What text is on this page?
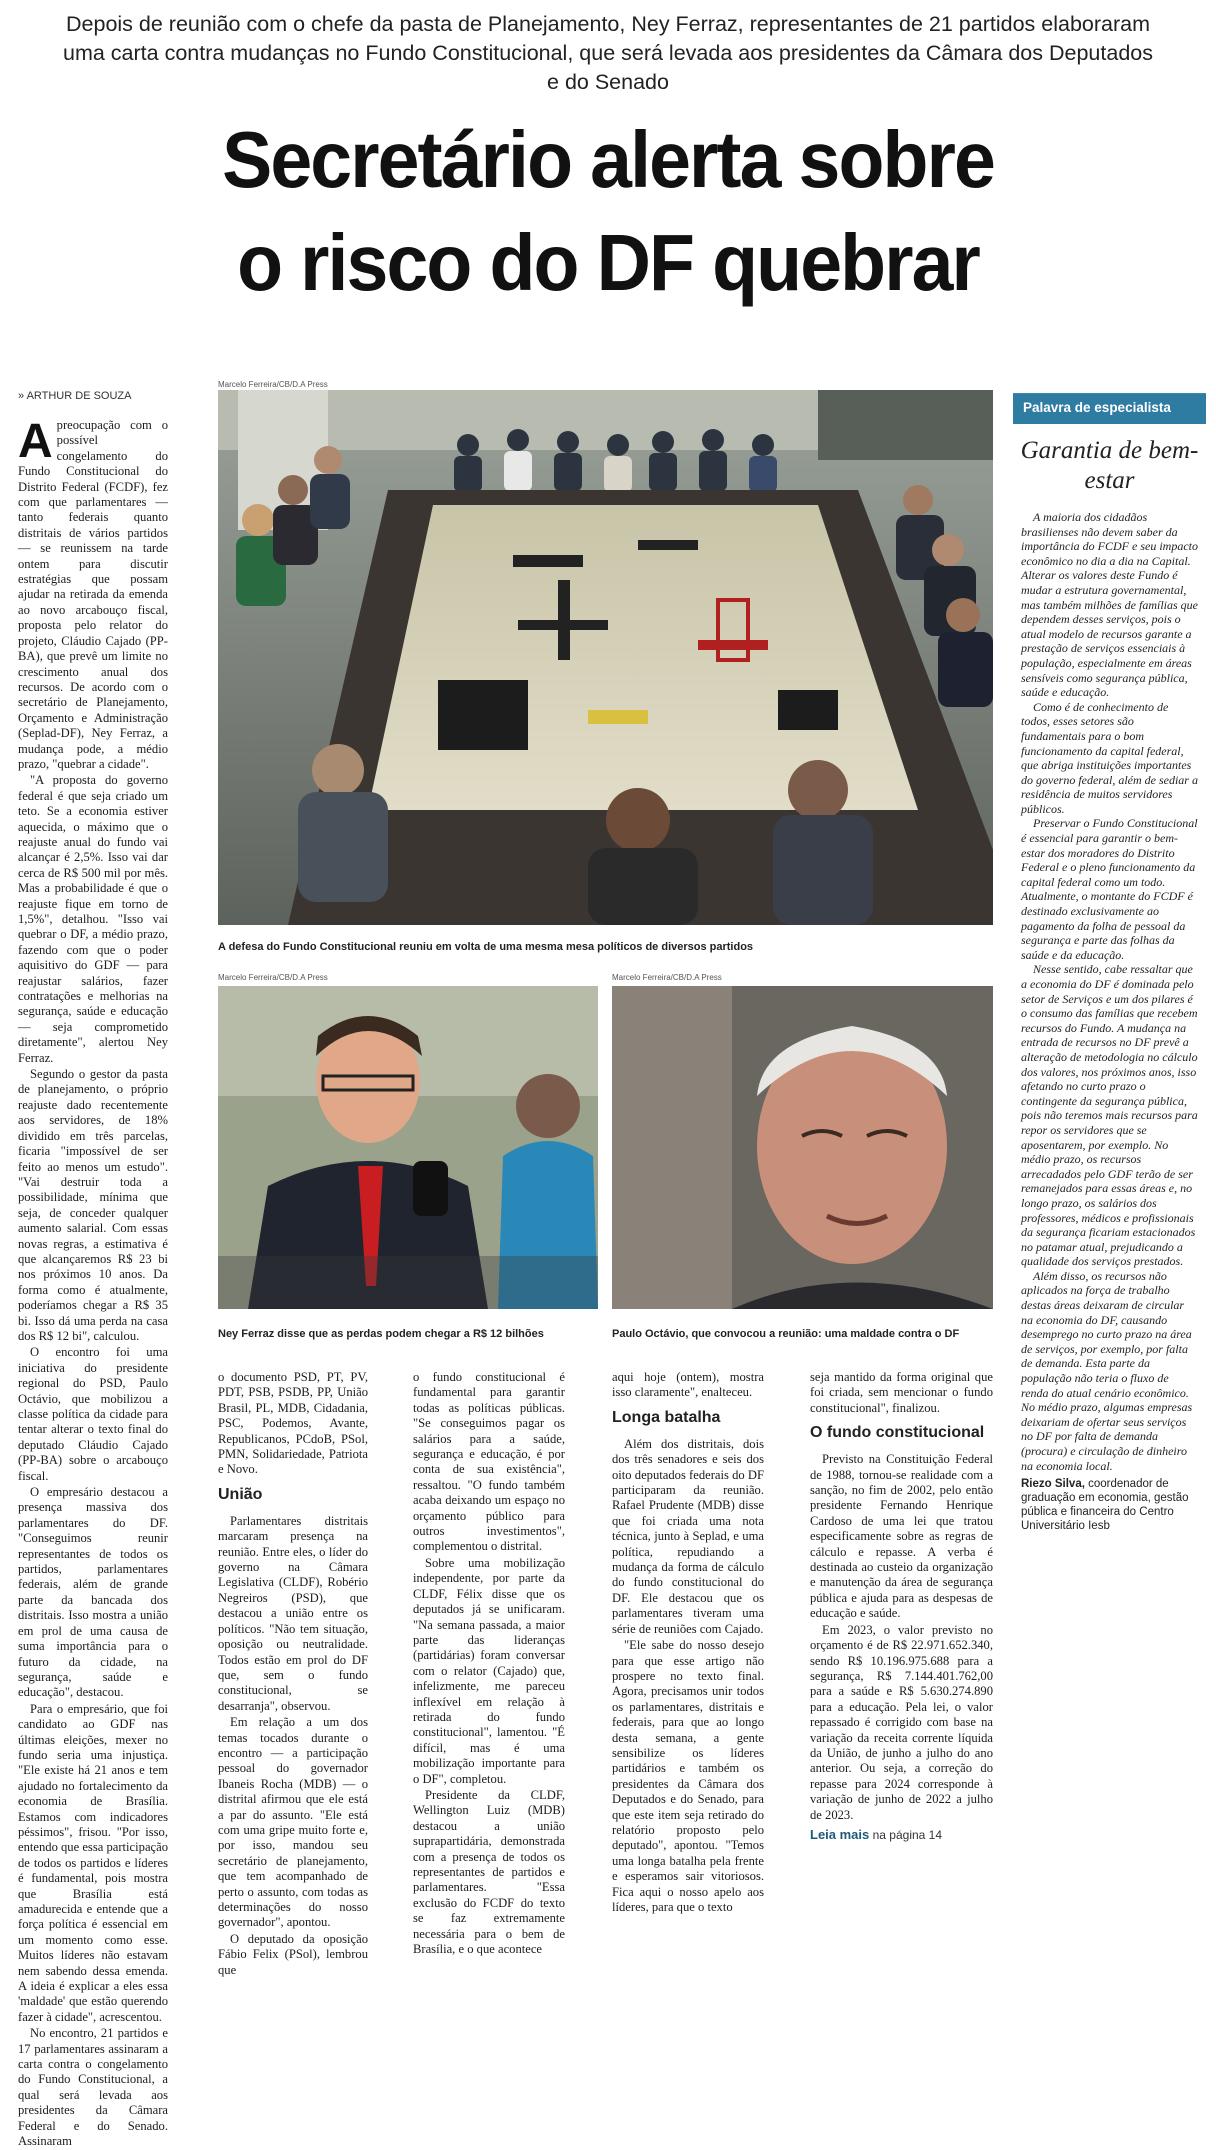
Depois de reunião com o chefe da pasta de Planejamento, Ney Ferraz, representantes de 21 partidos elaboraram uma carta contra mudanças no Fundo Constitucional, que será levada aos presidentes da Câmara dos Deputados e do Senado
Secretário alerta sobre
o risco do DF quebrar
» ARTHUR DE SOUZA

Apreocupação com o possível congelamento do Fundo Constitucional do Distrito Federal (FCDF), fez com que parlamentares — tanto federais quanto distritais de vários partidos — se reunissem na tarde ontem para discutir estratégias que possam ajudar na retirada da emenda ao novo arcabouço fiscal, proposta pelo relator do projeto, Cláudio Cajado (PP-BA), que prevê um limite no crescimento anual dos recursos. De acordo com o secretário de Planejamento, Orçamento e Administração (Seplad-DF), Ney Ferraz, a mudança pode, a médio prazo, "quebrar a cidade".

"A proposta do governo federal é que seja criado um teto. Se a economia estiver aquecida, o máximo que o reajuste anual do fundo vai alcançar é 2,5%. Isso vai dar cerca de R$ 500 mil por mês. Mas a probabilidade é que o reajuste fique em torno de 1,5%", detalhou. "Isso vai quebrar o DF, a médio prazo, fazendo com que o poder aquisitivo do GDF — para reajustar salários, fazer contratações e melhorias na segurança, saúde e educação — seja comprometido diretamente", alertou Ney Ferraz.

Segundo o gestor da pasta de planejamento, o próprio reajuste dado recentemente aos servidores, de 18% dividido em três parcelas, ficaria "impossível de ser feito ao menos um estudo". "Vai destruir toda a possibilidade, mínima que seja, de conceder qualquer aumento salarial. Com essas novas regras, a estimativa é que alcançaremos R$ 23 bi nos próximos 10 anos. Da forma como é atualmente, poderíamos chegar a R$ 35 bi. Isso dá uma perda na casa dos R$ 12 bi", calculou.

O encontro foi uma iniciativa do presidente regional do PSD, Paulo Octávio, que mobilizou a classe política da cidade para tentar alterar o texto final do deputado Cláudio Cajado (PP-BA) sobre o arcabouço fiscal.

O empresário destacou a presença massiva dos parlamentares do DF. "Conseguimos reunir representantes de todos os partidos, parlamentares federais, além de grande parte da bancada dos distritais. Isso mostra a união em prol de uma causa de suma importância para o futuro da cidade, na segurança, saúde e educação", destacou.

Para o empresário, que foi candidato ao GDF nas últimas eleições, mexer no fundo seria uma injustiça. "Ele existe há 21 anos e tem ajudado no fortalecimento da economia de Brasília. Estamos com indicadores péssimos", frisou. "Por isso, entendo que essa participação de todos os partidos e líderes é fundamental, pois mostra que Brasília está amadurecida e entende que a força política é essencial em um momento como esse. Muitos líderes não estavam nem sabendo dessa emenda. A ideia é explicar a eles essa 'maldade' que estão querendo fazer à cidade", acrescentou.

No encontro, 21 partidos e 17 parlamentares assinaram a carta contra o congelamento do Fundo Constitucional, a qual será levada aos presidentes da Câmara Federal e do Senado. Assinaram

Marcelo Ferreira/CB/D.A Press
A defesa do Fundo Constitucional reuniu em volta de uma mesma mesa políticos de diversos partidos
Marcelo Ferreira/CB/D.A Press
Ney Ferraz disse que as perdas podem chegar a R$ 12 bilhões
Marcelo Ferreira/CB/D.A Press
Paulo Octávio, que convocou a reunião: uma maldade contra o DF

o documento PSD, PT, PV, PDT, PSB, PSDB, PP, União Brasil, PL, MDB, Cidadania, PSC, Podemos, Avante, Republicanos, PCdoB, PSol, PMN, Solidariedade, Patriota e Novo.

União

Parlamentares distritais marcaram presença na reunião. Entre eles, o líder do governo na Câmara Legislativa (CLDF), Robério Negreiros (PSD), que destacou a união entre os políticos. "Não tem situação, oposição ou neutralidade. Todos estão em prol do DF que, sem o fundo constitucional, se desarranja", observou.

Em relação a um dos temas tocados durante o encontro — a participação pessoal do governador Ibaneis Rocha (MDB) — o distrital afirmou que ele está a par do assunto. "Ele está com uma gripe muito forte e, por isso, mandou seu secretário de planejamento, que tem acompanhado de perto o assunto, com todas as determinações do nosso governador", apontou.

O deputado da oposição Fábio Felix (PSol), lembrou que

o fundo constitucional é fundamental para garantir todas as políticas públicas. "Se conseguimos pagar os salários para a saúde, segurança e educação, é por conta de sua existência", ressaltou. "O fundo também acaba deixando um espaço no orçamento público para outros investimentos", complementou o distrital.

Sobre uma mobilização independente, por parte da CLDF, Félix disse que os deputados já se unificaram. "Na semana passada, a maior parte das lideranças (partidárias) foram conversar com o relator (Cajado) que, infelizmente, me pareceu inflexível em relação à retirada do fundo constitucional", lamentou. "É difícil, mas é uma mobilização importante para o DF", completou.

Presidente da CLDF, Wellington Luiz (MDB) destacou a união suprapartidária, demonstrada com a presença de todos os representantes de partidos e parlamentares. "Essa exclusão do FCDF do texto se faz extremamente necessária para o bem de Brasília, e o que acontece

aqui hoje (ontem), mostra isso claramente", enalteceu.

Longa batalha

Além dos distritais, dois dos três senadores e seis dos oito deputados federais do DF participaram da reunião. Rafael Prudente (MDB) disse que foi criada uma nota técnica, junto à Seplad, e uma política, repudiando a mudança da forma de cálculo do fundo constitucional do DF. Ele destacou que os parlamentares tiveram uma série de reuniões com Cajado.

"Ele sabe do nosso desejo para que esse artigo não prospere no texto final. Agora, precisamos unir todos os parlamentares, distritais e federais, para que ao longo desta semana, a gente sensibilize os líderes partidários e também os presidentes da Câmara dos Deputados e do Senado, para que este item seja retirado do relatório proposto pelo deputado", apontou. "Temos uma longa batalha pela frente e esperamos sair vitoriosos. Fica aqui o nosso apelo aos líderes, para que o texto

seja mantido da forma original que foi criada, sem mencionar o fundo constitucional", finalizou.

O fundo constitucional

Previsto na Constituição Federal de 1988, tornou-se realidade com a sanção, no fim de 2002, pelo então presidente Fernando Henrique Cardoso de uma lei que tratou especificamente sobre as regras de cálculo e repasse. A verba é destinada ao custeio da organização e manutenção da área de segurança pública e ajuda para as despesas de educação e saúde.

Em 2023, o valor previsto no orçamento é de R$ 22.971.652.340, sendo R$ 10.196.975.688 para a segurança, R$ 7.144.401.762,00 para a saúde e R$ 5.630.274.890 para a educação. Pela lei, o valor repassado é corrigido com base na variação da receita corrente líquida da União, de junho a julho do ano anterior. Ou seja, a correção do repasse para 2024 corresponde à variação de junho de 2022 a julho de 2023.

Leia mais na página 14
Palavra de especialista
Garantia de bem-estar

A maioria dos cidadãos brasilienses não devem saber da importância do FCDF e seu impacto econômico no dia a dia na Capital. Alterar os valores deste Fundo é mudar a estrutura governamental, mas também milhões de famílias que dependem desses serviços, pois o atual modelo de recursos garante a prestação de serviços essenciais à população, especialmente em áreas sensíveis como segurança pública, saúde e educação.

Como é de conhecimento de todos, esses setores são fundamentais para o bom funcionamento da capital federal, que abriga instituições importantes do governo federal, além de sediar a residência de muitos servidores públicos.

Preservar o Fundo Constitucional é essencial para garantir o bem-estar dos moradores do Distrito Federal e o pleno funcionamento da capital federal como um todo. Atualmente, o montante do FCDF é destinado exclusivamente ao pagamento da folha de pessoal da segurança e parte das folhas da saúde e da educação.

Nesse sentido, cabe ressaltar que a economia do DF é dominada pelo setor de Serviços e um dos pilares é o consumo das famílias que recebem recursos do Fundo. A mudança na entrada de recursos no DF prevê a alteração de metodologia no cálculo dos valores, nos próximos anos, isso afetando no curto prazo o contingente da segurança pública, pois não teremos mais recursos para repor os servidores que se aposentarem, por exemplo. No médio prazo, os recursos arrecadados pelo GDF terão de ser remanejados para essas áreas e, no longo prazo, os salários dos professores, médicos e profissionais da segurança ficariam estacionados no patamar atual, prejudicando a qualidade dos serviços prestados.

Além disso, os recursos não aplicados na força de trabalho destas áreas deixaram de circular na economia do DF, causando desemprego no curto prazo na área de serviços, por exemplo, por falta de demanda. Esta parte da população não teria o fluxo de renda do atual cenário econômico. No médio prazo, algumas empresas deixariam de ofertar seus serviços no DF por falta de demanda (procura) e circulação de dinheiro na economia local.

Riezo Silva, coordenador de graduação em economia, gestão pública e financeira do Centro Universitário Iesb
